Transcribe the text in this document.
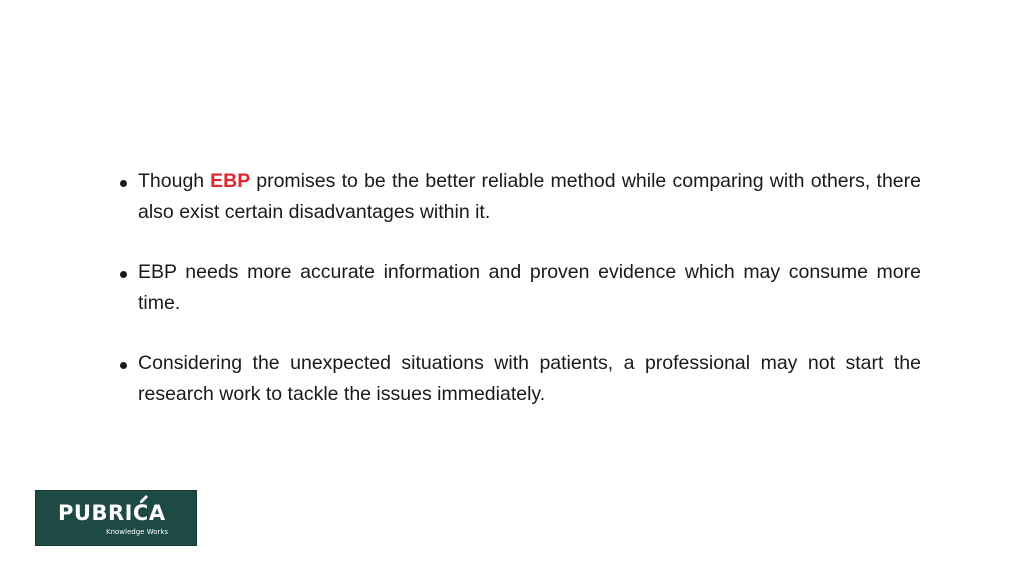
Though EBP promises to be the better reliable method while comparing with others, there also exist certain disadvantages within it.
EBP needs more accurate information and proven evidence which may consume more time.
Considering the unexpected situations with patients, a professional may not start the research work to tackle the issues immediately.
PUBRICA
Knowledge Works
